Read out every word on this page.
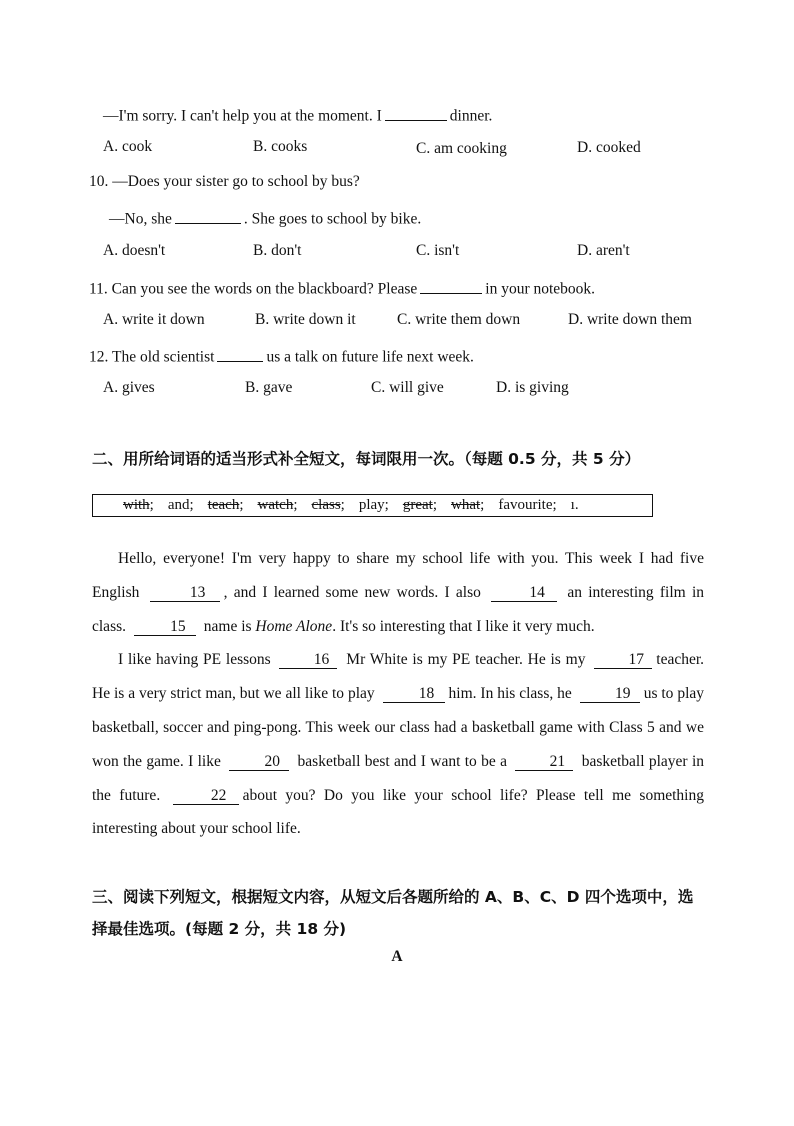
—I'm sorry. I can't help you at the moment. I	dinner.
A. cook	B. cooks	C. am cooking	D. cooked
10. —Does your sister go to school by bus?
—No, she	. She goes to school by bike.
A. doesn't	B. don't	C. isn't	D. aren't
11. Can you see the words on the blackboard? Please	in your notebook.
A. write it down	B. write down it	C. write them down	D. write down them
12. The old scientist	us a talk on future life next week.
A. gives	B. gave	C. will give	D. is giving
二、用所给词语的适当形式补全短文，每词限用一次。（每题 0.5 分，共 5 分）
with; and; teach; watch; class; play; great; what; favourite; ı.

Hello, everyone! I'm very happy to share my school life with you. This week I had five English	13 , and I learned some new words. I also	14 an interesting film in class.	15 name is Home Alone. It's so interesting that I like it very much.

I like having PE lessons	16 Mr White is my PE teacher. He is my	17 teacher. He is a very strict man, but we all like to play	18 him. In his class, he	19 us to play basketball, soccer and ping-pong. This week our class had a basketball game with Class 5 and we won the game. I like	20 basketball best and I want to be a	21 basketball player in the future.	22 about you? Do you like your school life? Please tell me something interesting about your school life.

三、阅读下列短文，根据短文内容，从短文后各题所给的 A、B、C、D 四个选项中，选
择最佳选项。(每题 2 分，共 18 分)
A
